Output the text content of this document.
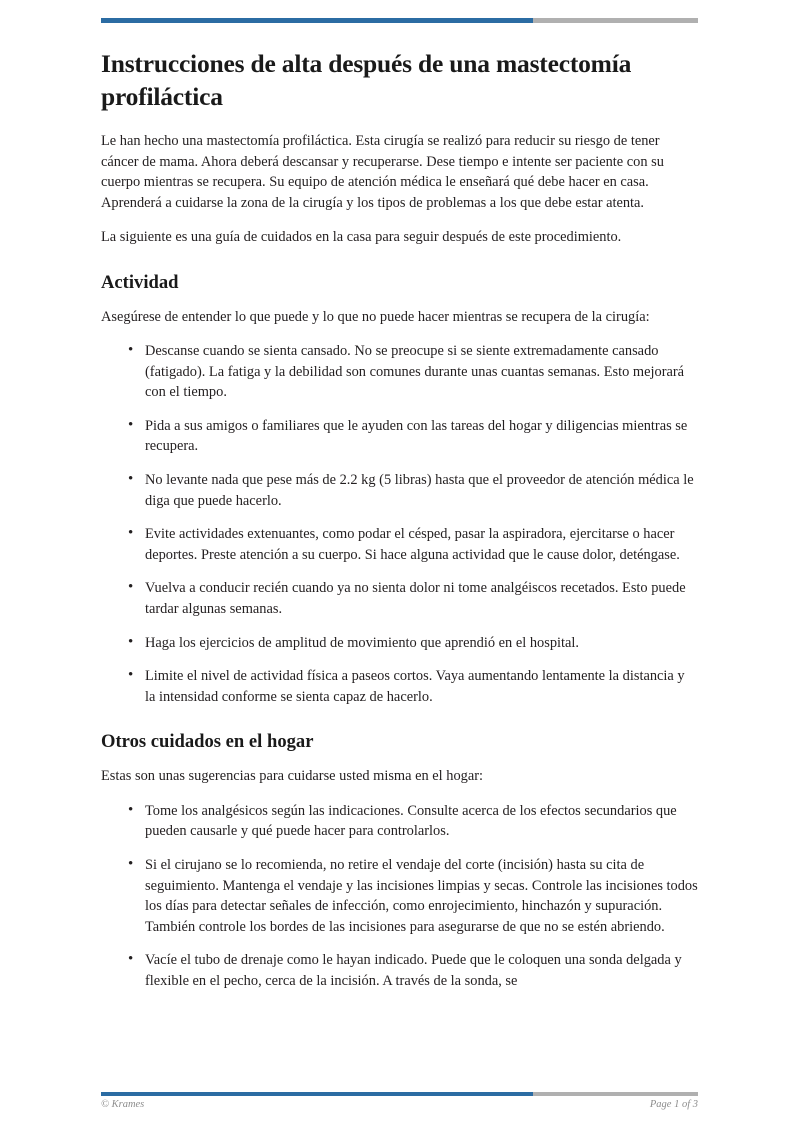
Instrucciones de alta después de una mastectomía profiláctica

Le han hecho una mastectomía profiláctica. Esta cirugía se realizó para reducir su riesgo de tener cáncer de mama. Ahora deberá descansar y recuperarse. Dese tiempo e intente ser paciente con su cuerpo mientras se recupera. Su equipo de atención médica le enseñará qué debe hacer en casa. Aprenderá a cuidarse la zona de la cirugía y los tipos de problemas a los que debe estar atenta.

La siguiente es una guía de cuidados en la casa para seguir después de este procedimiento.

Actividad

Asegúrese de entender lo que puede y lo que no puede hacer mientras se recupera de la cirugía:

• Descanse cuando se sienta cansado. No se preocupe si se siente extremadamente cansado (fatigado). La fatiga y la debilidad son comunes durante unas cuantas semanas. Esto mejorará con el tiempo.
• Pida a sus amigos o familiares que le ayuden con las tareas del hogar y diligencias mientras se recupera.
• No levante nada que pese más de 2.2 kg (5 libras) hasta que el proveedor de atención médica le diga que puede hacerlo.
• Evite actividades extenuantes, como podar el césped, pasar la aspiradora, ejercitarse o hacer deportes. Preste atención a su cuerpo. Si hace alguna actividad que le cause dolor, deténgase.
• Vuelva a conducir recién cuando ya no sienta dolor ni tome analgéiscos recetados. Esto puede tardar algunas semanas.
• Haga los ejercicios de amplitud de movimiento que aprendió en el hospital.
• Limite el nivel de actividad física a paseos cortos. Vaya aumentando lentamente la distancia y la intensidad conforme se sienta capaz de hacerlo.
Otros cuidados en el hogar

Estas son unas sugerencias para cuidarse usted misma en el hogar:

• Tome los analgésicos según las indicaciones. Consulte acerca de los efectos secundarios que pueden causarle y qué puede hacer para controlarlos.
• Si el cirujano se lo recomienda, no retire el vendaje del corte (incisión) hasta su cita de seguimiento. Mantenga el vendaje y las incisiones limpias y secas. Controle las incisiones todos los días para detectar señales de infección, como enrojecimiento, hinchazón y supuración. También controle los bordes de las incisiones para asegurarse de que no se estén abriendo.
• Vacíe el tubo de drenaje como le hayan indicado. Puede que le coloquen una sonda delgada y flexible en el pecho, cerca de la incisión. A través de la sonda, se
© Krames	Page 1 of 3
